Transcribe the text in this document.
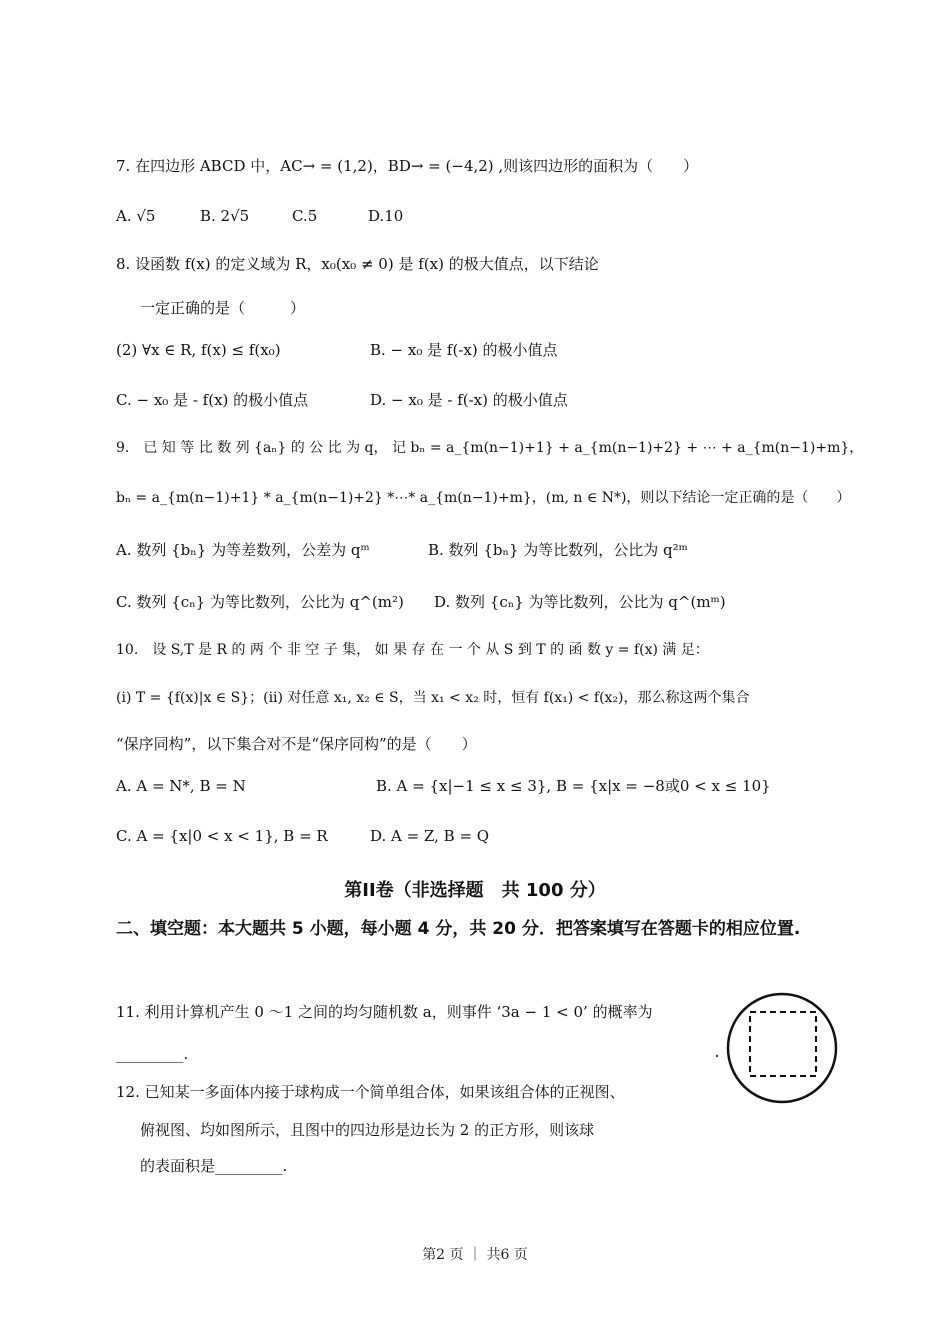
7. 在四边形 ABCD 中，AC→ = (1,2)，BD→ = (−4,2) ,则该四边形的面积为（　　）
A. √5	B. 2√5	C.5	D.10
8. 设函数 f(x) 的定义域为 R，x₀(x₀ ≠ 0) 是 f(x) 的极大值点，以下结论
一定正确的是（　　　）
(2) ∀x ∈ R, f(x) ≤ f(x₀)	B. − x₀ 是 f(-x) 的极小值点
C. − x₀ 是 - f(x) 的极小值点	D. − x₀ 是 - f(-x) 的极小值点
9.　已 知 等 比 数 列 {aₙ} 的 公 比 为 q， 记 bₙ = a_{m(n−1)+1} + a_{m(n−1)+2} + ⋯ + a_{m(n−1)+m}，
bₙ = a_{m(n−1)+1} * a_{m(n−1)+2} *⋯* a_{m(n−1)+m}，(m, n ∈ N*)，则以下结论一定正确的是（　　）
A. 数列 {bₙ} 为等差数列，公差为 qᵐ	B. 数列 {bₙ} 为等比数列，公比为 q²ᵐ
C. 数列 {cₙ} 为等比数列，公比为 q^(m²) D. 数列 {cₙ} 为等比数列，公比为 q^(mᵐ)
10.　设 S,T 是 R 的 两 个 非 空 子 集， 如 果 存 在 一 个 从 S 到 T 的 函 数 y = f(x) 满 足：
(i) T = {f(x)|x ∈ S}；(ii) 对任意 x₁, x₂ ∈ S，当 x₁ < x₂ 时，恒有 f(x₁) < f(x₂)，那么称这两个集合
“保序同构”，以下集合对不是“保序同构”的是（　　）
A. A = N*, B = N	B. A = {x|−1 ≤ x ≤ 3}, B = {x|x = −8或0 < x ≤ 10}
C. A = {x|0 < x < 1}, B = R	D. A = Z, B = Q
第II卷（非选择题　共 100 分）
二、填空题：本大题共 5 小题，每小题 4 分，共 20 分．把答案填写在答题卡的相应位置.
11. 利用计算机产生 0 ～1 之间的均匀随机数 a，则事件 ‘3a − 1 < 0’ 的概率为
_________.
12. 已知某一多面体内接于球构成一个简单组合体，如果该组合体的正视图、
俯视图、均如图所示，且图中的四边形是边长为 2 的正方形，则该球
的表面积是_________.
第2 页 ｜ 共6 页
